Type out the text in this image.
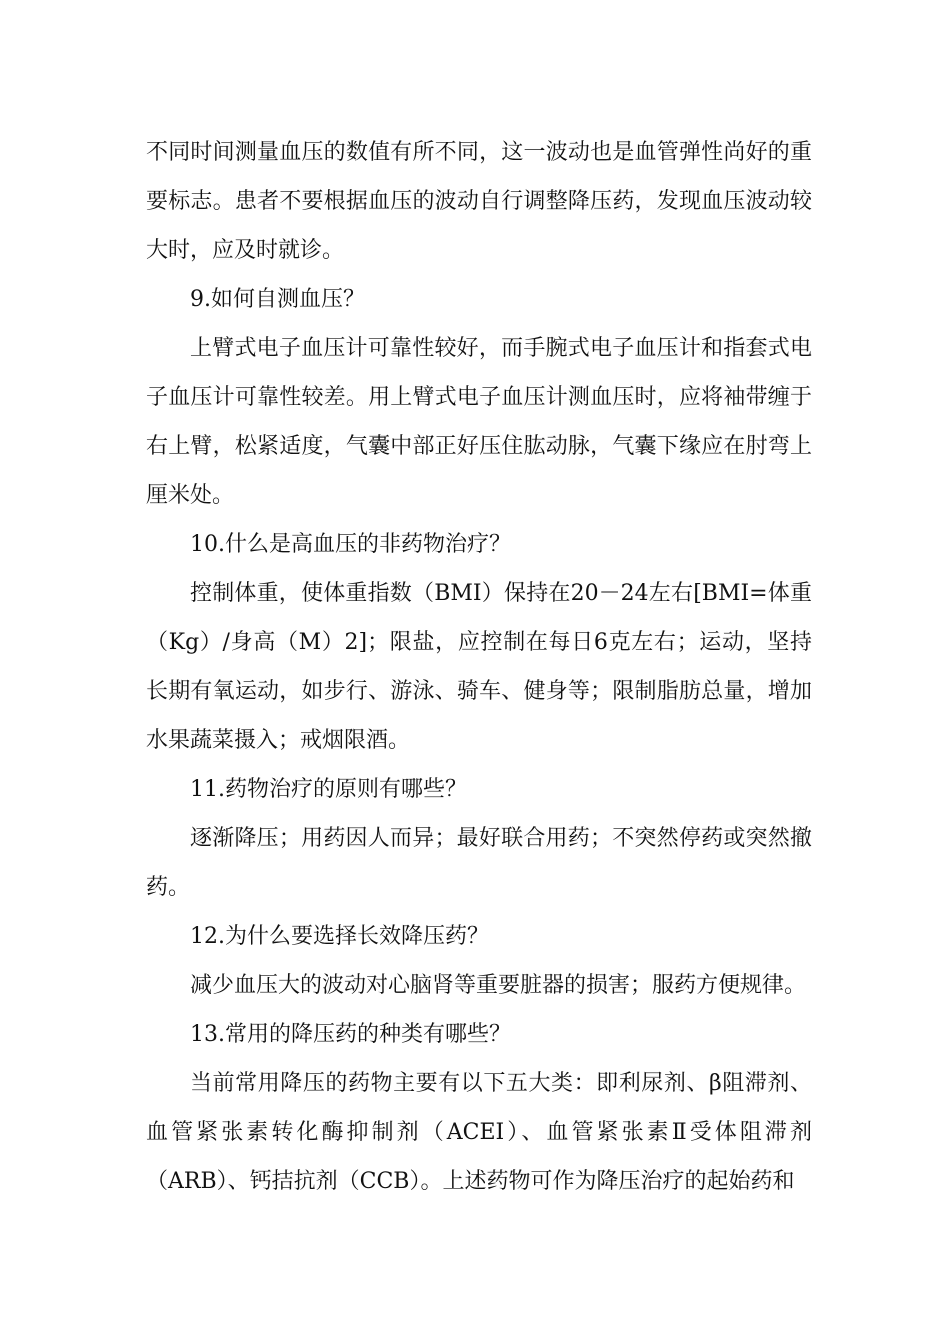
不同时间测量血压的数值有所不同，这一波动也是血管弹性尚好的重要标志。患者不要根据血压的波动自行调整降压药，发现血压波动较大时，应及时就诊。

9.如何自测血压？

上臂式电子血压计可靠性较好，而手腕式电子血压计和指套式电子血压计可靠性较差。用上臂式电子血压计测血压时，应将袖带缠于右上臂，松紧适度，气囊中部正好压住肱动脉，气囊下缘应在肘弯上厘米处。

10.什么是高血压的非药物治疗？

控制体重，使体重指数（BMI）保持在20－24左右[BMI=体重（Kg）/身高（M）2]；限盐，应控制在每日6克左右；运动，坚持长期有氧运动，如步行、游泳、骑车、健身等；限制脂肪总量，增加水果蔬菜摄入；戒烟限酒。

11.药物治疗的原则有哪些？

逐渐降压；用药因人而异；最好联合用药；不突然停药或突然撤药。

12.为什么要选择长效降压药？

减少血压大的波动对心脑肾等重要脏器的损害；服药方便规律。

13.常用的降压药的种类有哪些？

当前常用降压的药物主要有以下五大类：即利尿剂、β阻滞剂、血管紧张素转化酶抑制剂（ACEI）、血管紧张素Ⅱ受体阻滞剂（ARB）、钙拮抗剂（CCB）。上述药物可作为降压治疗的起始药和
